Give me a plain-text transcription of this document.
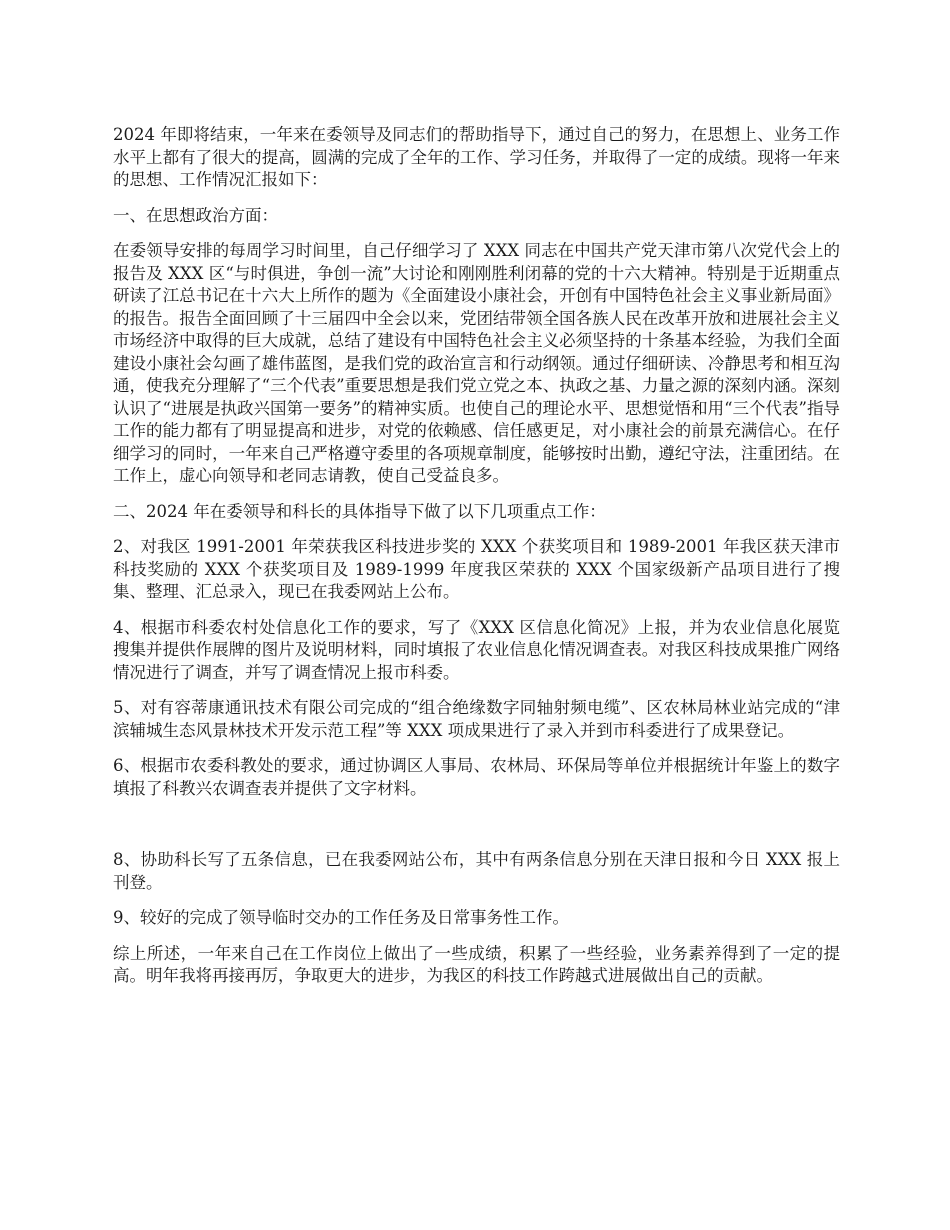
2024 年即将结束，一年来在委领导及同志们的帮助指导下，通过自己的努力，在思想上、业务工作水平上都有了很大的提高，圆满的完成了全年的工作、学习任务，并取得了一定的成绩。现将一年来的思想、工作情况汇报如下：

一、在思想政治方面：

在委领导安排的每周学习时间里，自己仔细学习了 XXX 同志在中国共产党天津市第八次党代会上的报告及 XXX 区“与时俱进，争创一流”大讨论和刚刚胜利闭幕的党的十六大精神。特别是于近期重点研读了江总书记在十六大上所作的题为《全面建设小康社会，开创有中国特色社会主义事业新局面》的报告。报告全面回顾了十三届四中全会以来，党团结带领全国各族人民在改革开放和进展社会主义市场经济中取得的巨大成就，总结了建设有中国特色社会主义必须坚持的十条基本经验，为我们全面建设小康社会勾画了雄伟蓝图，是我们党的政治宣言和行动纲领。通过仔细研读、冷静思考和相互沟通，使我充分理解了“三个代表”重要思想是我们党立党之本、执政之基、力量之源的深刻内涵。深刻认识了“进展是执政兴国第一要务”的精神实质。也使自己的理论水平、思想觉悟和用“三个代表”指导工作的能力都有了明显提高和进步，对党的依赖感、信任感更足，对小康社会的前景充满信心。在仔细学习的同时，一年来自己严格遵守委里的各项规章制度，能够按时出勤，遵纪守法，注重团结。在工作上，虚心向领导和老同志请教，使自己受益良多。

二、2024 年在委领导和科长的具体指导下做了以下几项重点工作：

2、对我区 1991-2001 年荣获我区科技进步奖的 XXX 个获奖项目和 1989-2001 年我区获天津市科技奖励的 XXX 个获奖项目及 1989-1999 年度我区荣获的 XXX 个国家级新产品项目进行了搜集、整理、汇总录入，现已在我委网站上公布。

4、根据市科委农村处信息化工作的要求，写了《XXX 区信息化简况》上报，并为农业信息化展览搜集并提供作展牌的图片及说明材料，同时填报了农业信息化情况调查表。对我区科技成果推广网络情况进行了调查，并写了调查情况上报市科委。

5、对有容蒂康通讯技术有限公司完成的“组合绝缘数字同轴射频电缆”、区农林局林业站完成的“津滨辅城生态风景林技术开发示范工程”等 XXX 项成果进行了录入并到市科委进行了成果登记。

6、根据市农委科教处的要求，通过协调区人事局、农林局、环保局等单位并根据统计年鉴上的数字填报了科教兴农调查表并提供了文字材料。

8、协助科长写了五条信息，已在我委网站公布，其中有两条信息分别在天津日报和今日 XXX 报上刊登。

9、较好的完成了领导临时交办的工作任务及日常事务性工作。

综上所述，一年来自己在工作岗位上做出了一些成绩，积累了一些经验，业务素养得到了一定的提高。明年我将再接再厉，争取更大的进步，为我区的科技工作跨越式进展做出自己的贡献。
